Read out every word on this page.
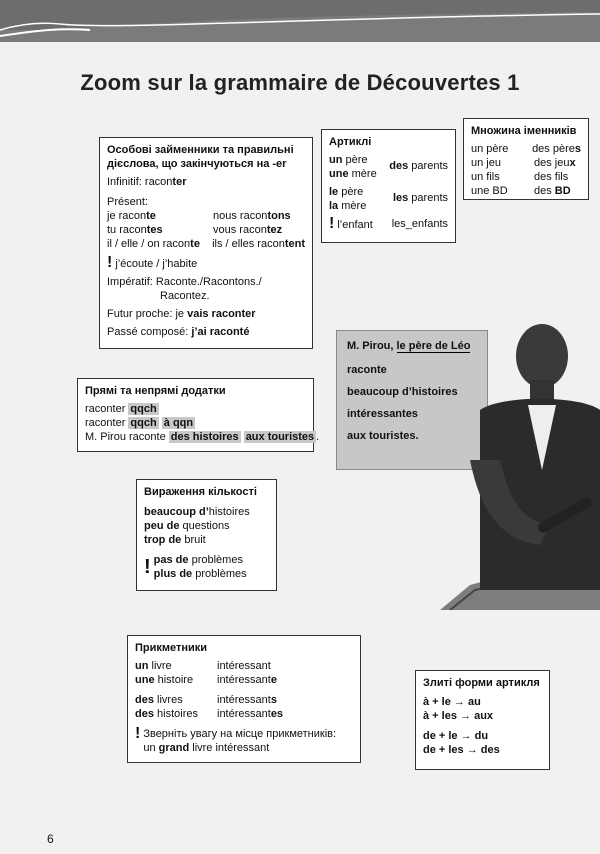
Zoom sur la grammaire de Découvertes 1
Особові займенники та правильні дієслова, що закінчуються на -er
Infinitif: raconter
Présent:
je raconte	nous racontons
tu racontes	vous racontez
il / elle / on raconte	ils / elles racontent
! j’écoute / j’habite
Impératif: Raconte./Racontons./
Racontez.
Futur proche: je vais raconter
Passé composé: j’ai raconté
Артиклі
un père	des parents
une mère
le père	les parents
la mère
! l’enfant	les_enfants
Множина іменників
un père	des pères
un jeu	des jeux
un fils	des fils
une BD	des BD
Прямі та непрямі додатки
raconter qqch
raconter qqch à qqn
M. Pirou raconte des histoires aux touristes .
M. Pirou, le père de Léo
raconte
beaucoup d’histoires
intéressantes
aux touristes.
Вираження кількості
beaucoup d’histoires
peu de questions
trop de bruit
! pas de problèmes
plus de problèmes
Прикметники
un livre	intéressant
une histoire	intéressante
des livres	intéressants
des histoires	intéressantes
! Зверніть увагу на місце прикметників:
un grand livre intéressant
Злиті форми артикля
à + le → au
à + les → aux
de + le → du
de + les → des
6
